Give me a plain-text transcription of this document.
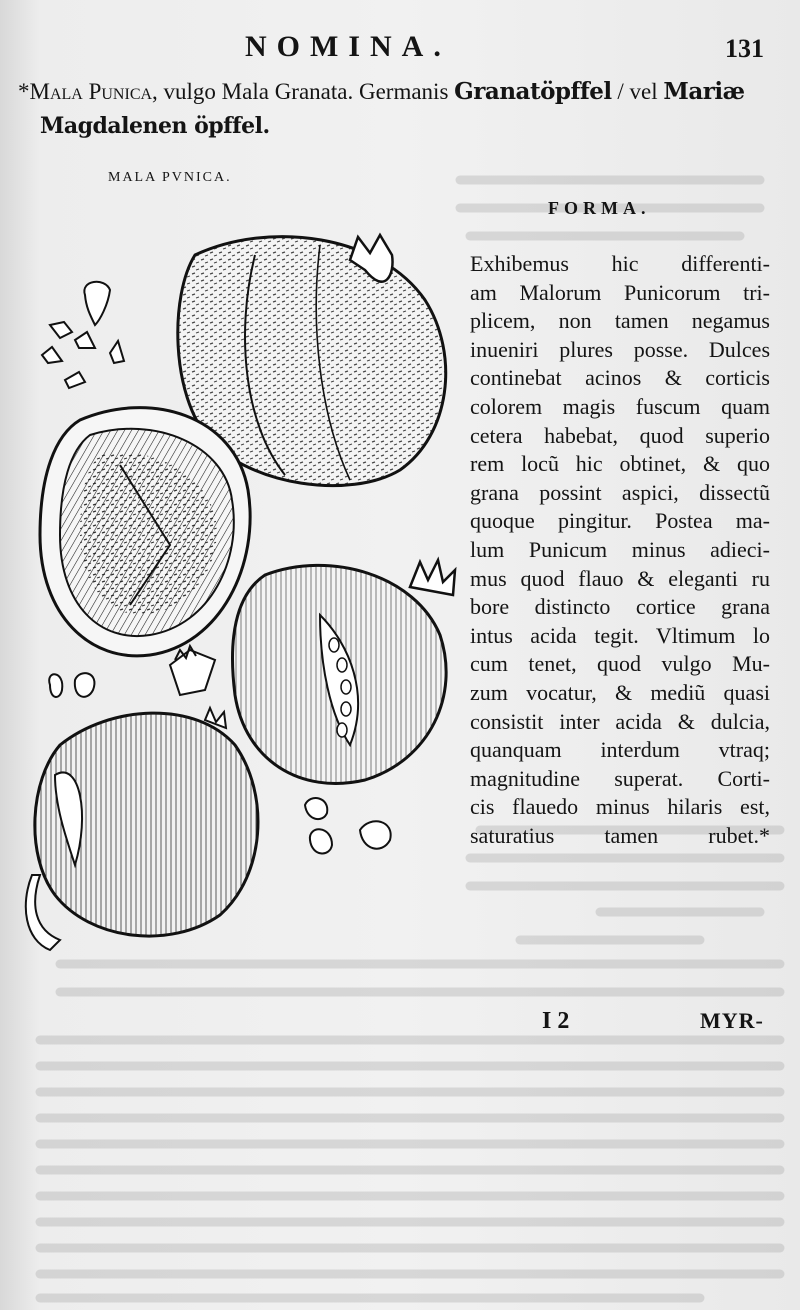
NOMINA.	131
*Mala Punica, vulgo Mala Granata. Germanis Granatöpffel / vel Mariæ
Magdalenen öpffel.
MALA PVNICA.
FORMA.
Exhibemus hic differenti-
am Malorum Punicorum tri-
plicem, non tamen negamus
inueniri plures posse. Dulces
continebat acinos & corticis
colorem magis fuscum quam
cetera habebat, quod superio
rem locũ hic obtinet, & quo
grana possint aspici, dissectũ
quoque pingitur. Postea ma-
lum Punicum minus adieci-
mus quod flauo & eleganti ru
bore distincto cortice grana
intus acida tegit. Vltimum lo
cum tenet, quod vulgo Mu-
zum vocatur, & mediũ quasi
consistit inter acida & dulcia,
quanquam interdum vtraq;
magnitudine superat. Corti-
cis flauedo minus hilaris est,
saturatius tamen rubet.*
I 2	MYR-
